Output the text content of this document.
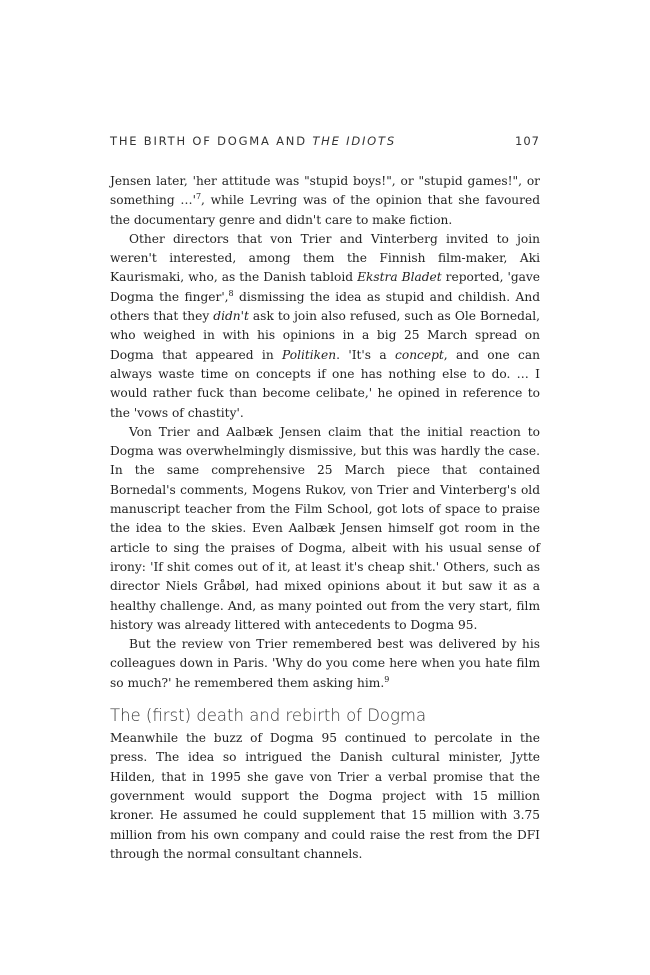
THE BIRTH OF DOGMA AND THE IDIOTS	107

Jensen later, 'her attitude was "stupid boys!", or "stupid games!", or something $\dots'^7$, while Levring was of the opinion that she favoured the documentary genre and didn't care to make fiction.

Other directors that von Trier and Vinterberg invited to join weren't interested, among them the Finnish film-maker, Aki Kaurismaki, who, as the Danish tabloid Ekstra Bladet reported, 'gave Dogma the finger',$^8$ dismissing the idea as stupid and childish. And others that they didn't ask to join also refused, such as Ole Bornedal, who weighed in with his opinions in a big 25 March spread on Dogma that appeared in Politiken. 'It's a concept, and one can always waste time on concepts if one has nothing else to do. … I would rather fuck than become celibate,' he opined in reference to the 'vows of chastity'.

Von Trier and Aalbæk Jensen claim that the initial reaction to Dogma was overwhelmingly dismissive, but this was hardly the case. In the same comprehensive 25 March piece that contained Bornedal's comments, Mogens Rukov, von Trier and Vinterberg's old manuscript teacher from the Film School, got lots of space to praise the idea to the skies. Even Aalbæk Jensen himself got room in the article to sing the praises of Dogma, albeit with his usual sense of irony: 'If shit comes out of it, at least it's cheap shit.' Others, such as director Niels Gråbøl, had mixed opinions about it but saw it as a healthy challenge. And, as many pointed out from the very start, film history was already littered with antecedents to Dogma 95.

But the review von Trier remembered best was delivered by his colleagues down in Paris. 'Why do you come here when you hate film so much?' he remembered them asking him.$^9$

The (first) death and rebirth of Dogma

Meanwhile the buzz of Dogma 95 continued to percolate in the press. The idea so intrigued the Danish cultural minister, Jytte Hilden, that in 1995 she gave von Trier a verbal promise that the government would support the Dogma project with 15 million kroner. He assumed he could supplement that 15 million with 3.75 million from his own company and could raise the rest from the DFI through the normal consultant channels.
